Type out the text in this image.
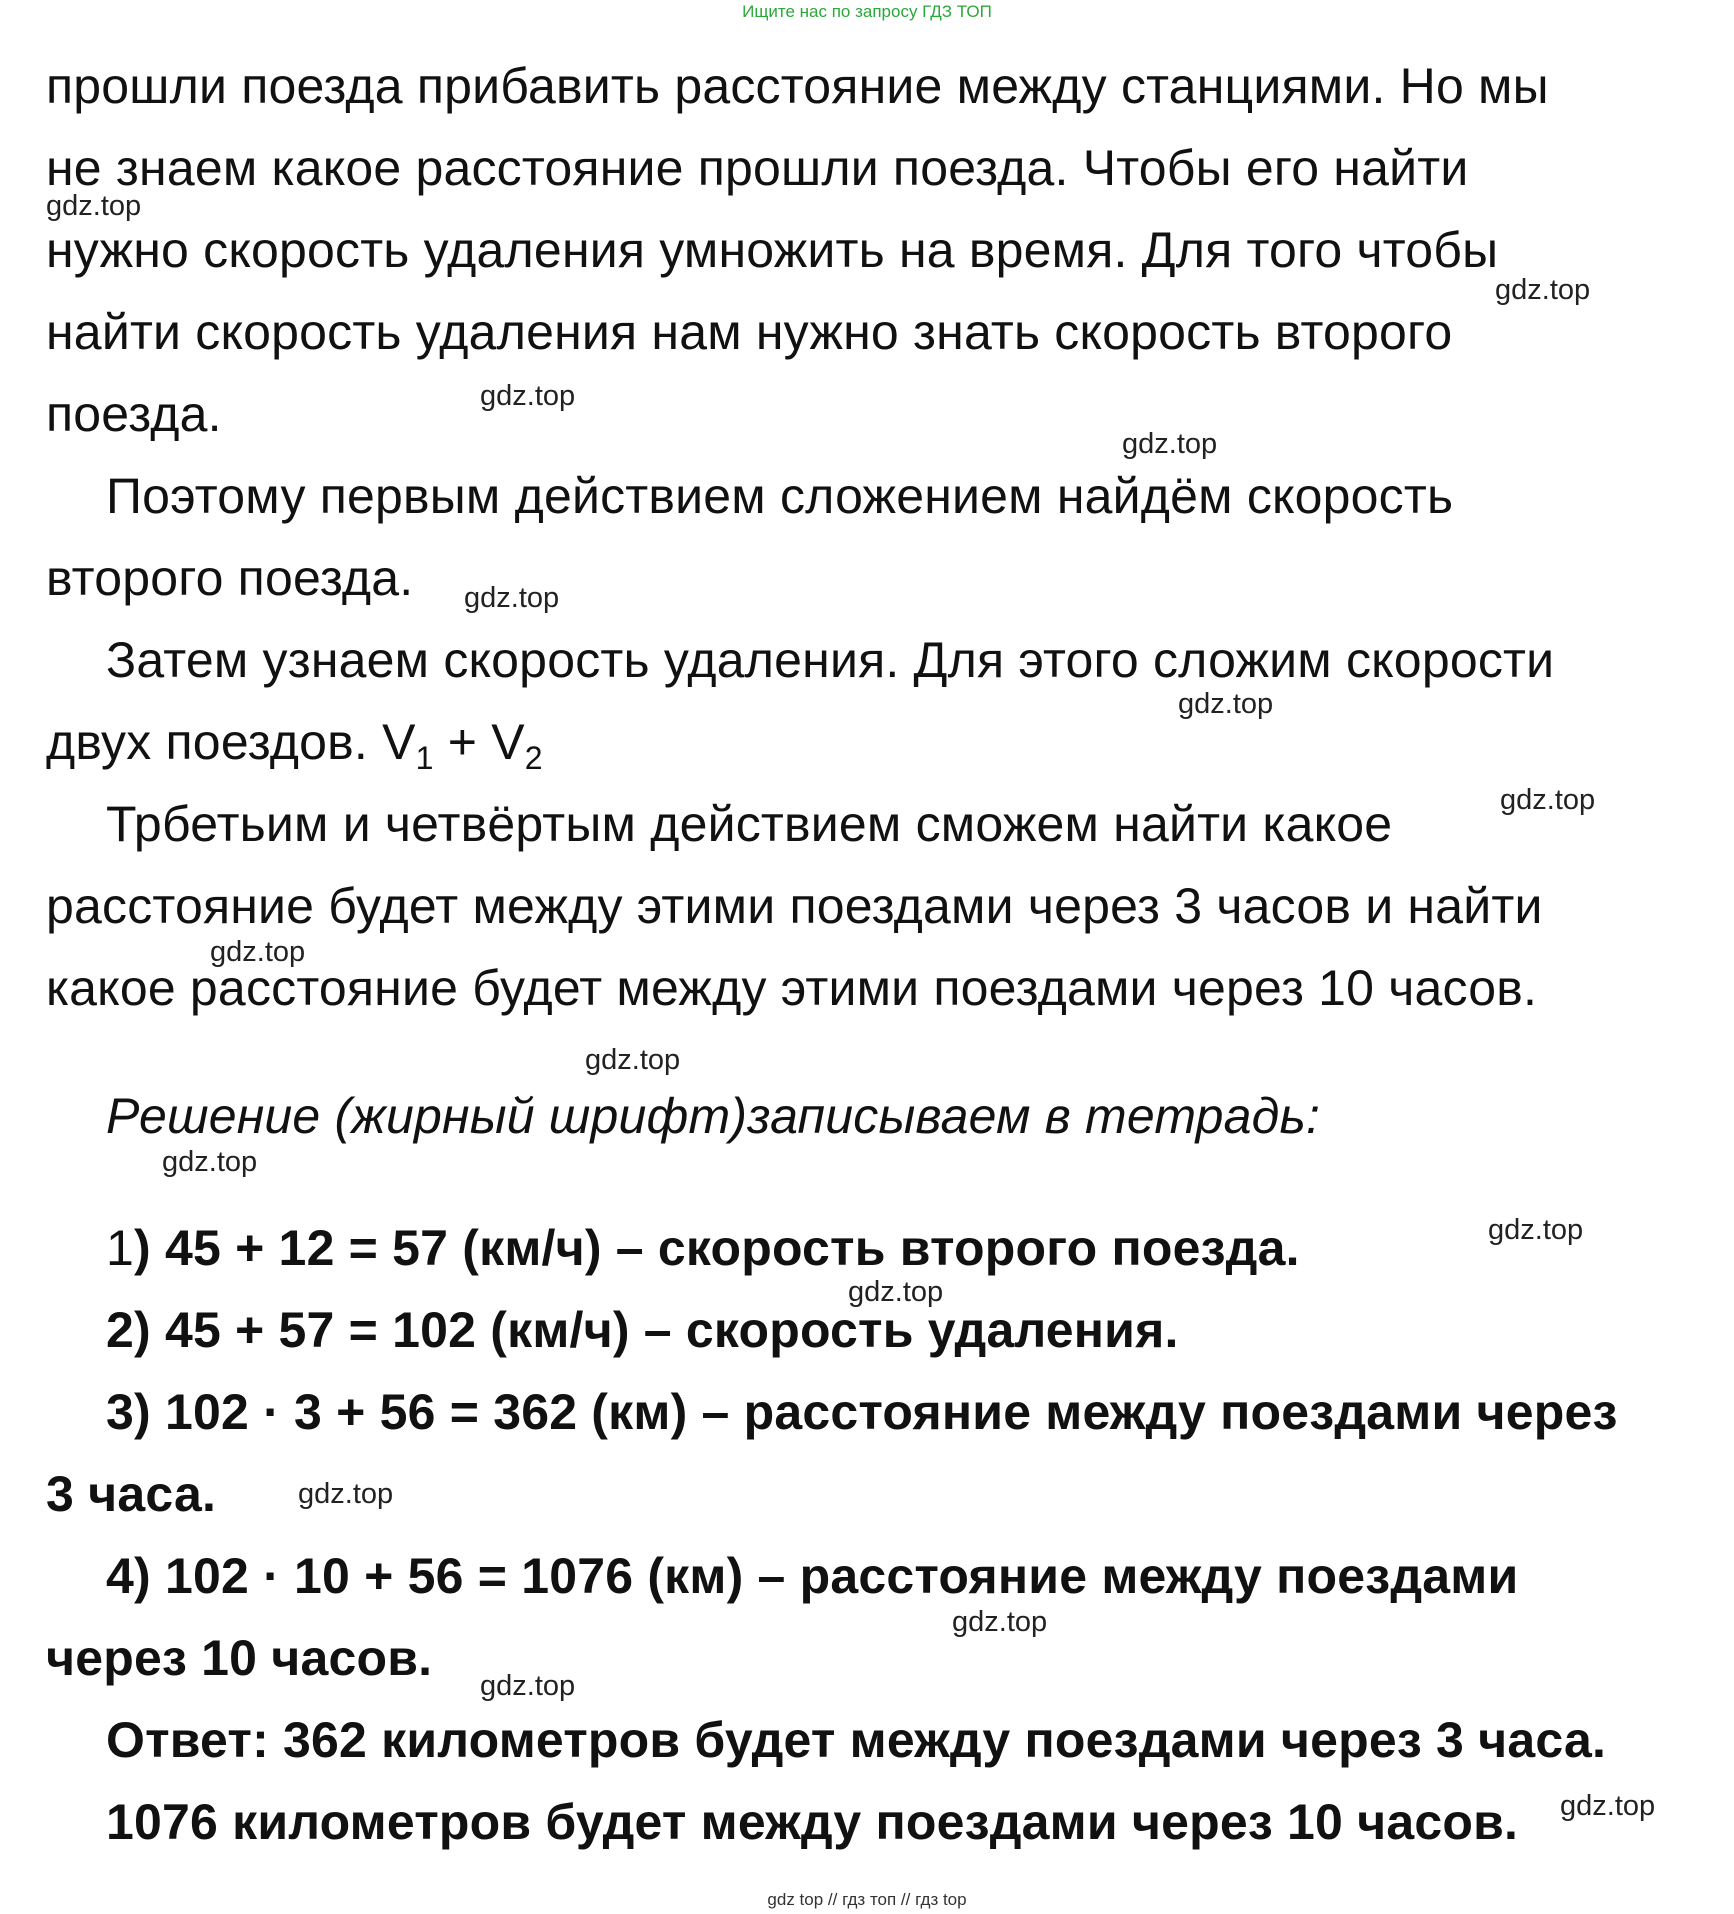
Ищите нас по запросу ГДЗ ТОП
прошли поезда прибавить расстояние между станциями. Но мы
не знаем какое расстояние прошли поезда. Чтобы его найти
нужно скорость удаления умножить на время. Для того чтобы
найти скорость удаления нам нужно знать скорость второго
поезда.
Поэтому первым действием сложением найдём скорость
второго поезда.
Затем узнаем скорость удаления. Для этого сложим скорости
двух поездов. $V_1 + V_2$
Трбетьим и четвёртым действием сможем найти какое
расстояние будет между этими поездами через 3 часов и найти
какое расстояние будет между этими поездами через 10 часов.
Решение (жирный шрифт)записываем в тетрадь:
1) 45 + 12 = 57 (км/ч) – скорость второго поезда.
2) 45 + 57 = 102 (км/ч) – скорость удаления.
3) 102 · 3 + 56 = 362 (км) – расстояние между поездами через
3 часа.
4) 102 · 10 + 56 = 1076 (км) – расстояние между поездами
через 10 часов.
Ответ: 362 километров будет между поездами через 3 часа.
1076 километров будет между поездами через 10 часов.
gdz.top
gdz.top
gdz.top
gdz.top
gdz.top
gdz.top
gdz.top
gdz.top
gdz.top
gdz.top
gdz.top
gdz.top
gdz.top
gdz.top
gdz.top
gdz.top
gdz top // гдз топ // гдз top
